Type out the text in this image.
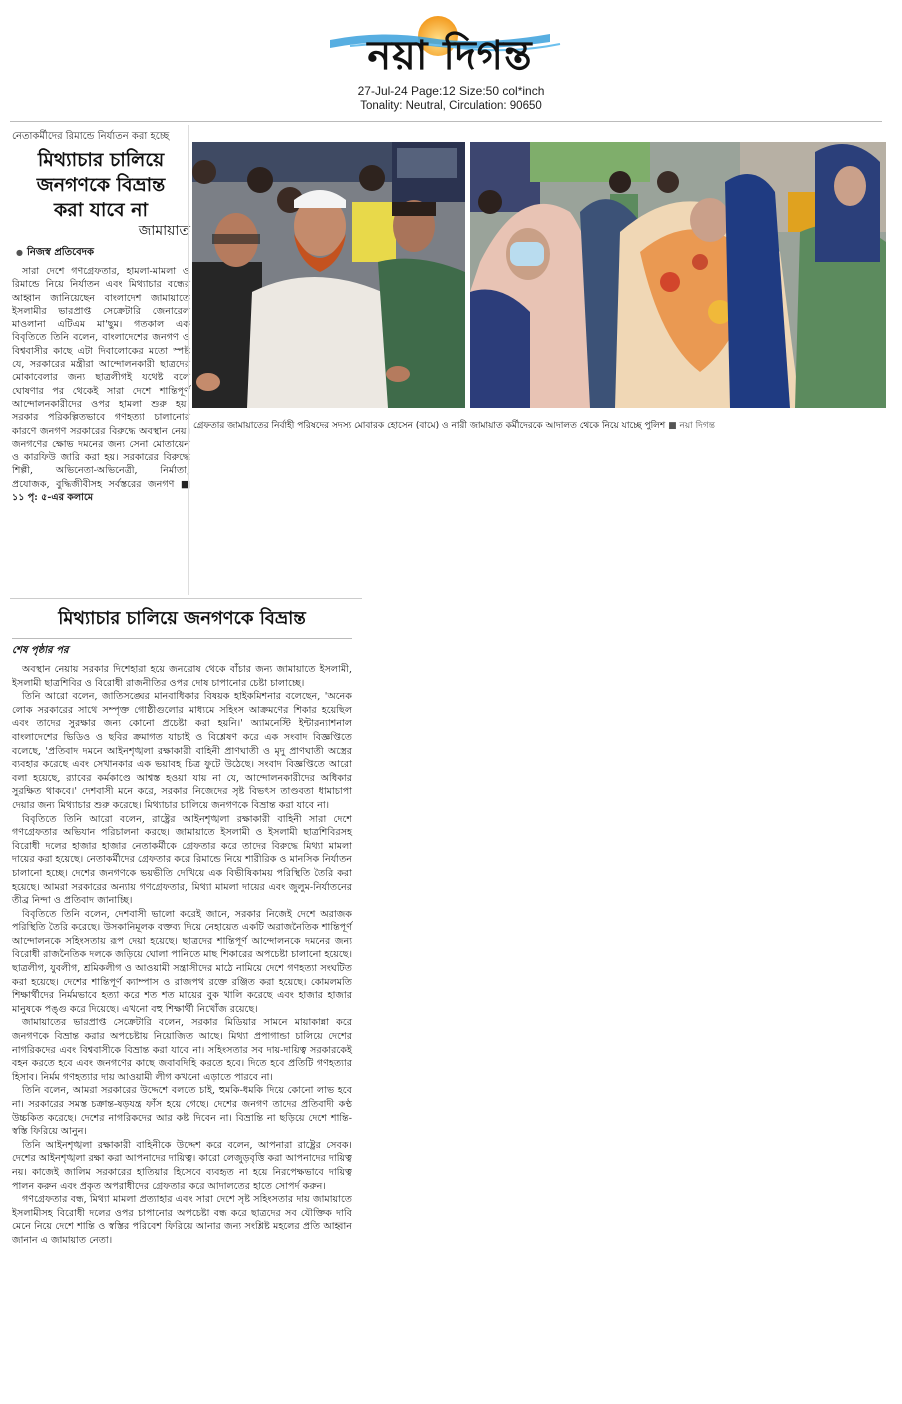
নয়া দিগন্ত
27-Jul-24 Page:12 Size:50 col*inch
Tonality: Neutral, Circulation: 90650
নেতাকর্মীদের রিমান্ডে নির্যাতন করা হচ্ছে
মিথ্যাচার চালিয়ে
জনগণকে বিভ্রান্ত
করা যাবে না
জামায়াত
● নিজস্ব প্রতিবেদক

সারা দেশে গণগ্রেফতার, হামলা-মামলা ও রিমান্ডে নিয়ে নির্যাতন এবং মিথ্যাচার বন্ধের আহ্বান জানিয়েছেন বাংলাদেশ জামায়াতে ইসলামীর ভারপ্রাপ্ত সেক্রেটারি জেনারেল মাওলানা এটিএম মা'ছুম। গতকাল এক বিবৃতিতে তিনি বলেন, বাংলাদেশের জনগণ ও বিশ্ববাসীর কাছে এটা দিবালোকের মতো স্পষ্ট যে, সরকারের মন্ত্রীরা আন্দোলনকারী ছাত্রদের মোকাবেলার জন্য ছাত্রলীগই যথেষ্ট বলে ঘোষণার পর থেকেই সারা দেশে শান্তিপূর্ণ আন্দোলনকারীদের ওপর হামলা শুরু হয়। সরকার পরিকল্পিতভাবে গণহত্যা চালানোর কারণে জনগণ সরকারের বিরুদ্ধে অবস্থান নেয়। জনগণের ক্ষোভ দমনের জন্য সেনা মোতায়েন ও কারফিউ জারি করা হয়। সরকারের বিরুদ্ধে শিল্পী, অভিনেতা-অভিনেত্রী, নির্মাতা, প্রযোজক, বুদ্ধিজীবীসহ সর্বস্তরের জনগণ ■ ১১ পৃ: ৫-এর কলামে

গ্রেফতার জামায়াতের নির্বাহী পরিষদের সদস্য মোবারক হোসেন (বামে) ও নারী জামায়াত কর্মীদেরকে আদালত থেকে নিয়ে যাচ্ছে পুলিশ ■ নয়া দিগন্ত
মিথ্যাচার চালিয়ে জনগণকে বিভ্রান্ত
শেষ পৃষ্ঠার পর

অবস্থান নেয়ায় সরকার দিশেহারা হয়ে জনরোষ থেকে বাঁচার জন্য জামায়াতে ইসলামী, ইসলামী ছাত্রশিবির ও বিরোধী রাজনীতির ওপর দোষ চাপানোর চেষ্টা চালাচ্ছে।

তিনি আরো বলেন, জাতিসঙ্ঘের মানবাধিকার বিষয়ক হাইকমিশনার বলেছেন, 'অনেক লোক সরকারের সাথে সম্পৃক্ত গোষ্ঠীগুলোর মাধ্যমে সহিংস আক্রমণের শিকার হয়েছিল এবং তাদের সুরক্ষার জন্য কোনো প্রচেষ্টা করা হয়নি।' অ্যামনেস্টি ইন্টারন্যাশনাল বাংলাদেশের ভিডিও ও ছবির ক্রমাগত যাচাই ও বিশ্লেষণ করে এক সংবাদ বিজ্ঞপ্তিতে বলেছে, 'প্রতিবাদ দমনে আইনশৃঙ্খলা রক্ষাকারী বাহিনী প্রাণঘাতী ও মৃদু প্রাণঘাতী অস্ত্রের ব্যবহার করেছে এবং সেখানকার এক ভয়াবহ চিত্র ফুটে উঠেছে। সংবাদ বিজ্ঞপ্তিতে আরো বলা হয়েছে, র‍্যাবের কর্মকাণ্ডে আশ্বস্ত হওয়া যায় না যে, আন্দোলনকারীদের অধিকার সুরক্ষিত থাকবে।' দেশবাসী মনে করে, সরকার নিজেদের সৃষ্ট বিভৎস তাণ্ডবতা ধামাচাপা দেয়ার জন্য মিথ্যাচার শুরু করেছে। মিথ্যাচার চালিয়ে জনগণকে বিভ্রান্ত করা যাবে না।

বিবৃতিতে তিনি আরো বলেন, রাষ্ট্রের আইনশৃঙ্খলা রক্ষাকারী বাহিনী সারা দেশে গণগ্রেফতার অভিযান পরিচালনা করছে। জামায়াতে ইসলামী ও ইসলামী ছাত্রশিবিরসহ বিরোধী দলের হাজার হাজার নেতাকর্মীকে গ্রেফতার করে তাদের বিরুদ্ধে মিথ্যা মামলা দায়ের করা হয়েছে। নেতাকর্মীদের গ্রেফতার করে রিমান্ডে নিয়ে শারীরিক ও মানসিক নির্যাতন চালানো হচ্ছে। দেশের জনগণকে ভয়ভীতি দেখিয়ে এক বিভীষিকাময় পরিস্থিতি তৈরি করা হয়েছে। আমরা সরকারের অন্যায় গণগ্রেফতার, মিথ্যা মামলা দায়ের এবং জুলুম-নির্যাতনের তীব্র নিন্দা ও প্রতিবাদ জানাচ্ছি।

বিবৃতিতে তিনি বলেন, দেশবাসী ভালো করেই জানে, সরকার নিজেই দেশে অরাজক পরিস্থিতি তৈরি করেছে। উসকানিমূলক বক্তব্য দিয়ে নেহায়েত একটি অরাজনৈতিক শান্তিপূর্ণ আন্দোলনকে সহিংসতায় রূপ দেয়া হয়েছে। ছাত্রদের শান্তিপূর্ণ আন্দোলনকে দমনের জন্য বিরোধী রাজনৈতিক দলকে জড়িয়ে ঘোলা পানিতে মাছ শিকারের অপচেষ্টা চালানো হয়েছে। ছাত্রলীগ, যুবলীগ, শ্রমিকলীগ ও আওয়ামী সন্ত্রাসীদের মাঠে নামিয়ে দেশে গণহত্যা সংঘটিত করা হয়েছে। দেশের শান্তিপূর্ণ ক্যাম্পাস ও রাজপথ রক্তে রঞ্জিত করা হয়েছে। কোমলমতি শিক্ষার্থীদের নির্মমভাবে হত্যা করে শত শত মায়ের বুক খালি করেছে এবং হাজার হাজার মানুষকে পঙ্গু করে দিয়েছে। এখনো বহু শিক্ষার্থী নিখোঁজ রয়েছে।

জামায়াতের ভারপ্রাপ্ত সেক্রেটারি বলেন, সরকার মিডিয়ার সামনে মায়াকান্না করে জনগণকে বিভ্রান্ত করার অপচেষ্টায় নিয়োজিত আছে। মিথ্যা প্রপাগান্ডা চালিয়ে দেশের নাগরিকদের এবং বিশ্ববাসীকে বিভ্রান্ত করা যাবে না। সহিংসতার সব দায়-দায়িত্ব সরকারকেই বহন করতে হবে এবং জনগণের কাছে জবাবদিহি করতে হবে। দিতে হবে প্রতিটি গণহত্যার হিসাব। নির্মম গণহত্যার দায় আওয়ামী লীগ কখনো এড়াতে পারবে না।

তিনি বলেন, আমরা সরকারের উদ্দেশে বলতে চাই, হুমকি-ধমকি দিয়ে কোনো লাভ হবে না। সরকারের সমস্ত চক্রান্ত-ষড়যন্ত্র ফাঁস হয়ে গেছে। দেশের জনগণ তাদের প্রতিবাদী কণ্ঠ উচ্চকিত করেছে। দেশের নাগরিকদের আর কষ্ট দিবেন না। বিভ্রান্তি না ছড়িয়ে দেশে শান্তি-স্বস্তি ফিরিয়ে আনুন।

তিনি আইনশৃঙ্খলা রক্ষাকারী বাহিনীকে উদ্দেশ করে বলেন, আপনারা রাষ্ট্রের সেবক। দেশের আইনশৃঙ্খলা রক্ষা করা আপনাদের দায়িত্ব। কারো লেজুড়বৃত্তি করা আপনাদের দায়িত্ব নয়। কাজেই জালিম সরকারের হাতিয়ার হিসেবে ব্যবহৃত না হয়ে নিরপেক্ষভাবে দায়িত্ব পালন করুন এবং প্রকৃত অপরাধীদের গ্রেফতার করে আদালতের হাতে সোপর্দ করুন।

গণগ্রেফতার বন্ধ, মিথ্যা মামলা প্রত্যাহার এবং সারা দেশে সৃষ্ট সহিংসতার দায় জামায়াতে ইসলামীসহ বিরোধী দলের ওপর চাপানোর অপচেষ্টা বন্ধ করে ছাত্রদের সব যৌক্তিক দাবি মেনে নিয়ে দেশে শান্তি ও স্বস্তির পরিবেশ ফিরিয়ে আনার জন্য সংশ্লিষ্ট মহলের প্রতি আহ্বান জানান এ জামায়াত নেতা।
